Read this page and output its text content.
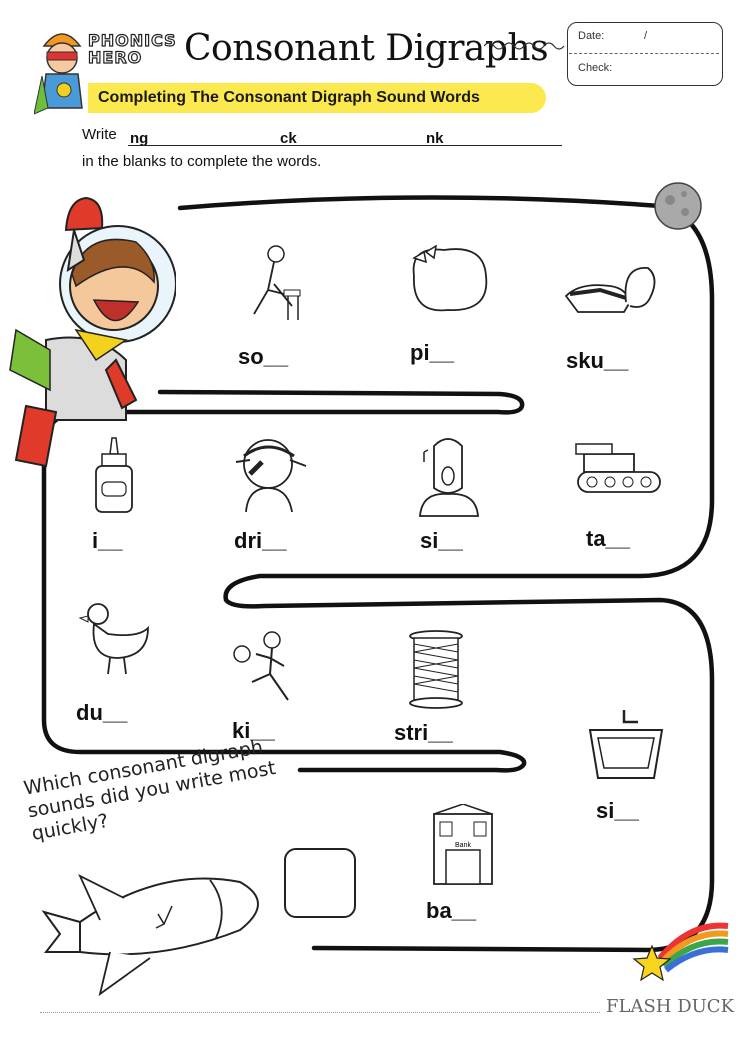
PHONICS HERO	Consonant Digraphs
Completing The Consonant Digraph Sound Words
Date:	/
Check:
Write ng	ck	nk
in the blanks to complete the words.
Bank
so__	pi__	sku__
i__	dri__	si__	ta__
du__
ki__	stri__
si__
ba__
Which consonant digraph sounds did you write most quickly?
FLASH DUCK
